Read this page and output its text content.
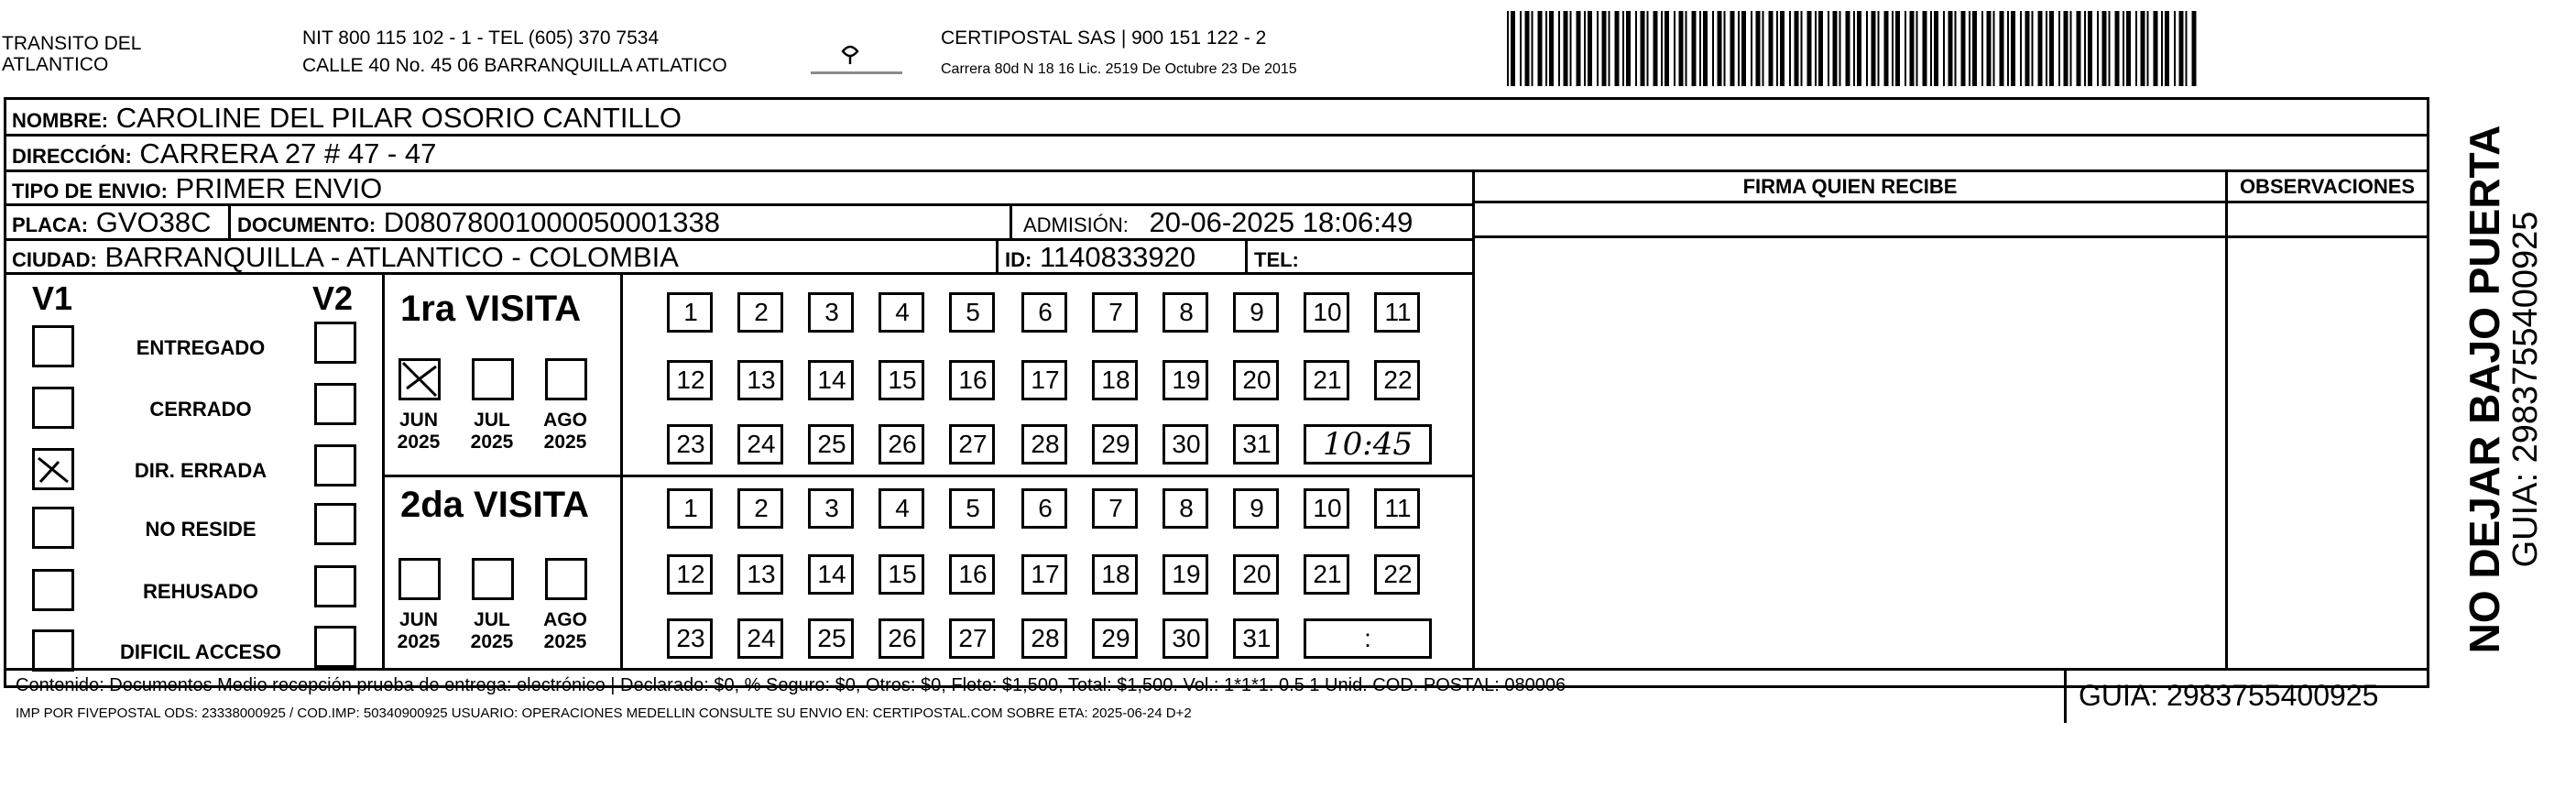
TRANSITO DEL
ATLANTICO
NIT 800 115 102 - 1 - TEL (605) 370 7534
CALLE 40 No. 45 06 BARRANQUILLA ATLATICO
CERTIPOSTAL SAS | 900 151 122 - 2
Carrera 80d N 18 16 Lic. 2519 De Octubre 23 De 2015
NOMBRE: CAROLINE DEL PILAR OSORIO CANTILLO
DIRECCIÓN: CARRERA 27 # 47 - 47
TIPO DE ENVIO: PRIMER ENVIO	FIRMA QUIEN RECIBE	OBSERVACIONES
PLACA: GVO38C DOCUMENTO: D08078001000050001338	ADMISIÓN: 20-06-2025 18:06:49
CIUDAD: BARRANQUILLA - ATLANTICO - COLOMBIA	ID: 1140833920	TEL:
V1	V2
ENTREGADO
CERRADO
DIR. ERRADA
NO RESIDE
REHUSADO
DIFICIL ACCESO
1ra VISITA
JUN
2025
JUL
2025
AGO
2025
1	2	3	4	5	6	7	8	9	10	11
12	13	14	15	16	17	18	19	20	21	22
23	24	25	26	27	28	29	30	31	10:45
2da VISITA
JUN
2025
JUL
2025
AGO
2025
1	2	3	4	5	6	7	8	9	10	11
12	13	14	15	16	17	18	19	20	21	22
23	24	25	26	27	28	29	30	31	:
Contenido: Documentos Medio recepción prueba de entrega: electrónico | Declarado: $0, % Seguro: $0, Otros: $0, Flete: $1,500, Total: $1,500. Vol.: 1*1*1. 0.5 1 Unid. COD. POSTAL: 080006
IMP POR FIVEPOSTAL ODS: 23338000925 / COD.IMP: 50340900925 USUARIO: OPERACIONES MEDELLIN CONSULTE SU ENVIO EN: CERTIPOSTAL.COM SOBRE ETA: 2025-06-24 D+2
GUIA: 2983755400925
NO DEJAR BAJO PUERTA
GUIA: 2983755400925
